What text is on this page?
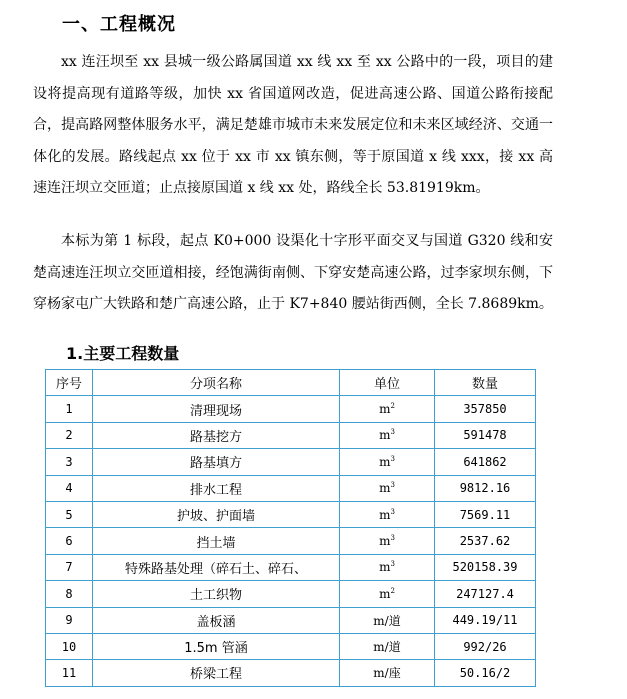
一、工程概况
xx 连汪坝至 xx 县城一级公路属国道 xx 线 xx 至 xx 公路中的一段，项目的建设将提高现有道路等级，加快 xx 省国道网改造，促进高速公路、国道公路衔接配合，提高路网整体服务水平，满足楚雄市城市未来发展定位和未来区域经济、交通一体化的发展。路线起点 xx 位于 xx 市 xx 镇东侧，等于原国道 x 线 xxx，接 xx 高速连汪坝立交匝道；止点接原国道 x 线 xx 处，路线全长 53.81919km。
本标为第 1 标段，起点 K0+000 设渠化十字形平面交叉与国道 G320 线和安楚高速连汪坝立交匝道相接，经饱满街南侧、下穿安楚高速公路，过李家坝东侧，下穿杨家屯广大铁路和楚广高速公路，止于 K7+840 腰站街西侧，全长 7.8689km。
1.主要工程数量
序号	分项名称	单位	数量
1	清理现场	$m^2$	357850
2	路基挖方	$m^3$	591478
3	路基填方	$m^3$	641862
4	排水工程	$m^3$	9812.16
5	护坡、护面墙	$m^3$	7569.11
6	挡土墙	$m^3$	2537.62
7	特殊路基处理（碎石土、碎石、	$m^3$	520158.39
8	土工织物	$m^2$	247127.4
9	盖板涵	m/道	449.19/11
10	1.5m 管涵	m/道	992/26
11	桥梁工程	m/座	50.16/2
